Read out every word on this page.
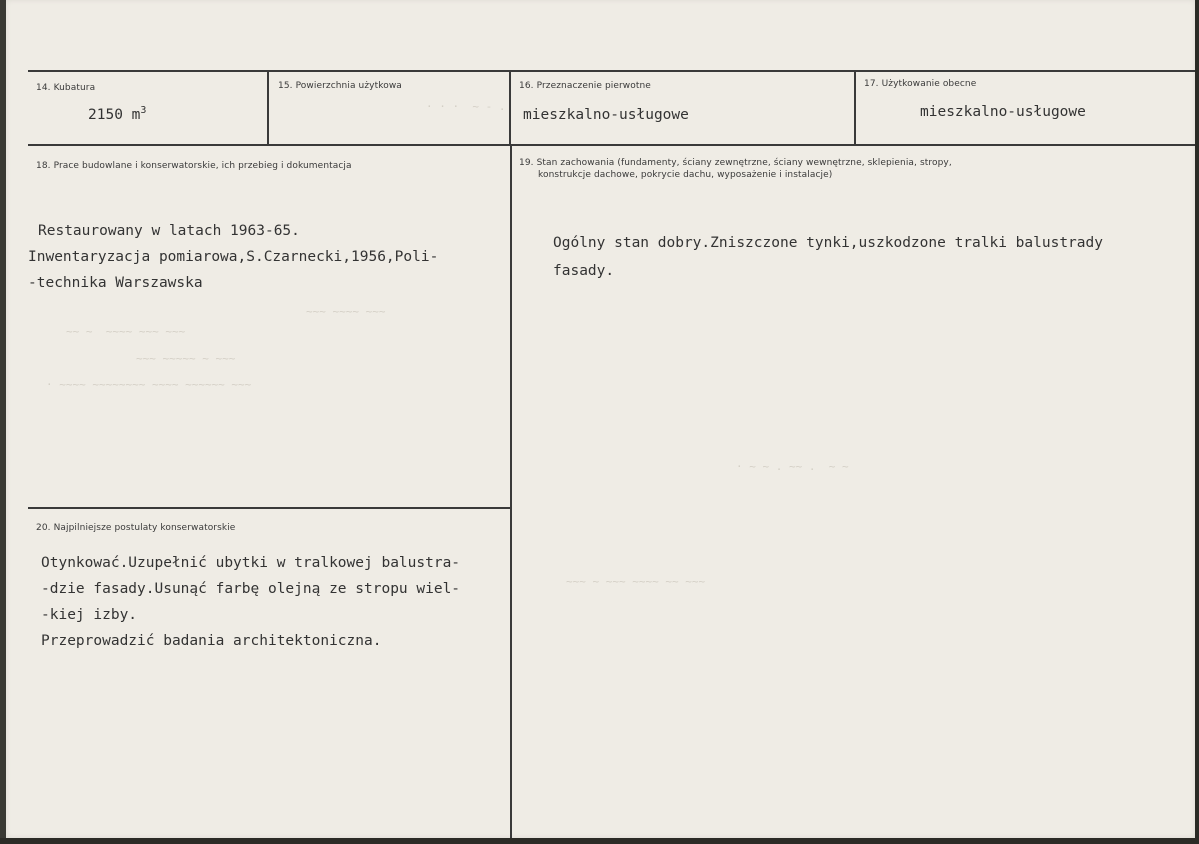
· · ·  ~ - .
~~~ ~~~~ ~~~
~~ ~  ~~~~ ~~~ ~~~
~~~ ~~~~~ ~ ~~~
· ~~~~ ~~~~~~~~ ~~~~ ~~~~~~ ~~~
· ~ ~ . ~~ .  ~ ~
~~~ ~ ~~~ ~~~~ ~~ ~~~
14. Kubatura
2150 $m^3$
15. Powierzchnia użytkowa	16. Przeznaczenie pierwotne
mieszkalno-usługowe
17. Użytkowanie obecne
mieszkalno-usługowe
18. Prace budowlane i konserwatorskie, ich przebieg i dokumentacja
Restaurowany w latach 1963-65.
Inwentaryzacja pomiarowa,S.Czarnecki,1956,Poli-
-technika Warszawska
19. Stan zachowania (fundamenty, ściany zewnętrzne, ściany wewnętrzne, sklepienia, stropy,
konstrukcje dachowe, pokrycie dachu, wyposażenie i instalacje)
Ogólny stan dobry.Zniszczone tynki,uszkodzone tralki balustrady
fasady.
20. Najpilniejsze postulaty konserwatorskie
Otynkować.Uzupełnić ubytki w tralkowej balustra-
-dzie fasady.Usunąć farbę olejną ze stropu wiel-
-kiej izby.
Przeprowadzić badania architektoniczna.
